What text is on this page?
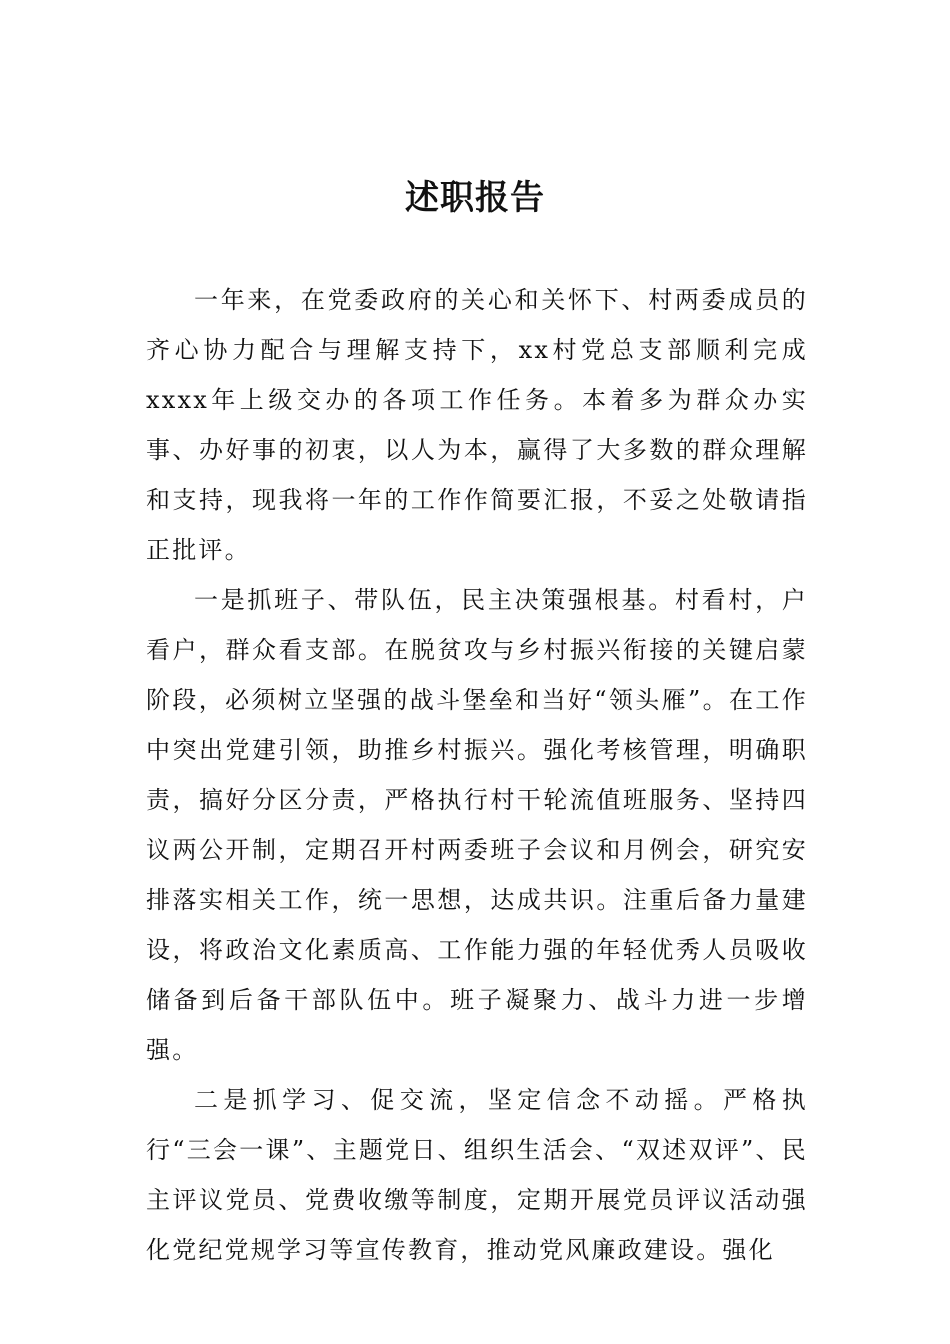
述职报告

一年来，在党委政府的关心和关怀下、村两委成员的齐心协力配合与理解支持下，xx村党总支部顺利完成xxxx年上级交办的各项工作任务。本着多为群众办实事、办好事的初衷，以人为本，赢得了大多数的群众理解和支持，现我将一年的工作作简要汇报，不妥之处敬请指正批评。

一是抓班子、带队伍，民主决策强根基。村看村，户看户，群众看支部。在脱贫攻与乡村振兴衔接的关键启蒙阶段，必须树立坚强的战斗堡垒和当好“领头雁”。在工作中突出党建引领，助推乡村振兴。强化考核管理，明确职责，搞好分区分责，严格执行村干轮流值班服务、坚持四议两公开制，定期召开村两委班子会议和月例会，研究安排落实相关工作，统一思想，达成共识。注重后备力量建设，将政治文化素质高、工作能力强的年轻优秀人员吸收储备到后备干部队伍中。班子凝聚力、战斗力进一步增强。

二是抓学习、促交流，坚定信念不动摇。严格执行“三会一课”、主题党日、组织生活会、“双述双评”、民主评议党员、党费收缴等制度，定期开展党员评议活动强化党纪党规学习等宣传教育，推动党风廉政建设。强化
